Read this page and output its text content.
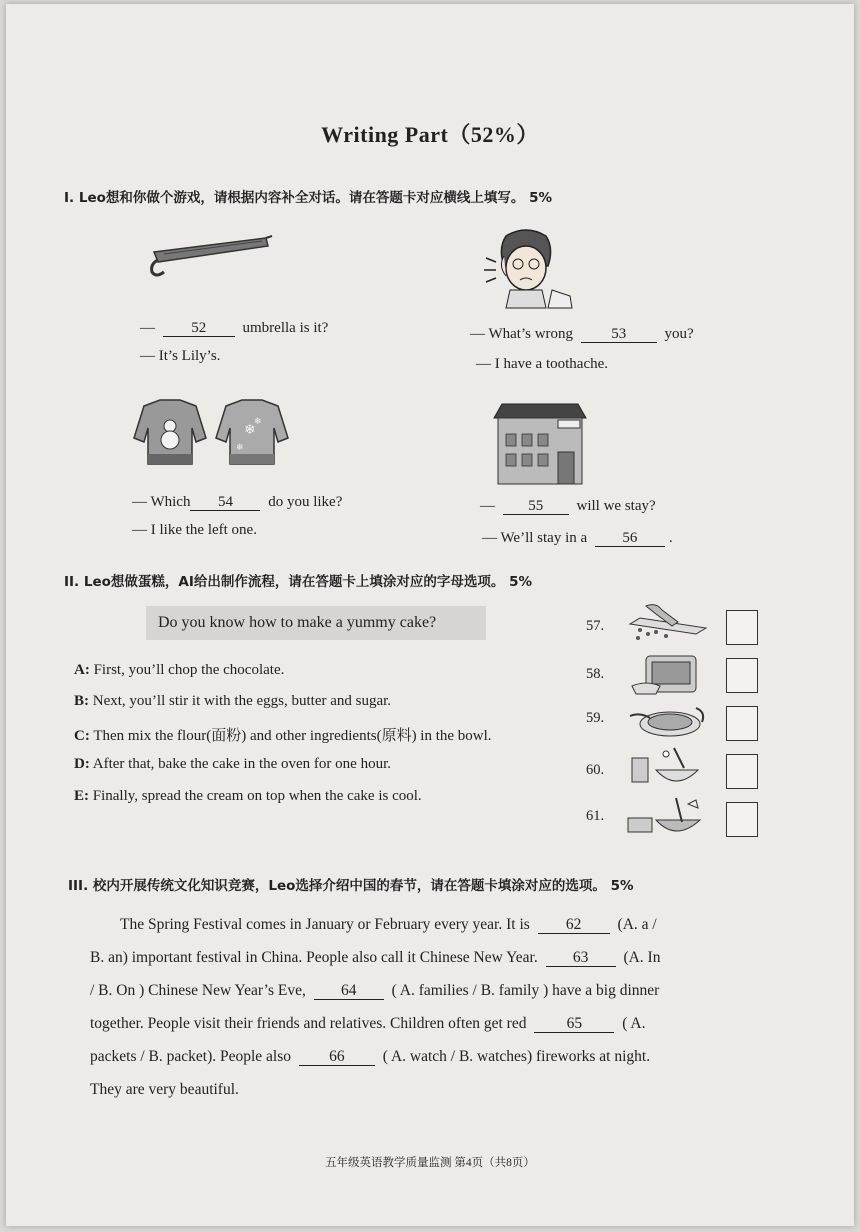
Writing Part（52%）
I. Leo想和你做个游戏，请根据内容补全对话。请在答题卡对应横线上填写。 5%
— 52 umbrella is it?
— It’s Lily’s.
— What’s wrong	53	you?
— I have a toothache.
❄
❄
❄
— Which 54 do you like?
— I like the left one.
— 55 will we stay?
— We’ll stay in a 56 .
II. Leo想做蛋糕，AI给出制作流程，请在答题卡上填涂对应的字母选项。 5%
Do you know how to make a yummy cake?
A: First, you’ll chop the chocolate.
B: Next, you’ll stir it with the eggs, butter and sugar.
C: Then mix the flour(面粉) and other ingredients(原料) in the bowl.
D: After that, bake the cake in the oven for one hour.
E: Finally, spread the cream on top when the cake is cool.
57.
58.
59.
60.
61.
III. 校内开展传统文化知识竞赛，Leo选择介绍中国的春节，请在答题卡填涂对应的选项。 5%
The Spring Festival comes in January or February every year. It is 62 (A. a /
B. an) important festival in China. People also call it Chinese New Year. 63 (A. In
/ B. On ) Chinese New Year’s Eve, 64 ( A. families / B. family ) have a big dinner
together. People visit their friends and relatives. Children often get red	65	( A.
packets / B. packet). People also 66 ( A. watch / B. watches) fireworks at night.
They are very beautiful.
五年级英语教学质量监测 第4页（共8页）
